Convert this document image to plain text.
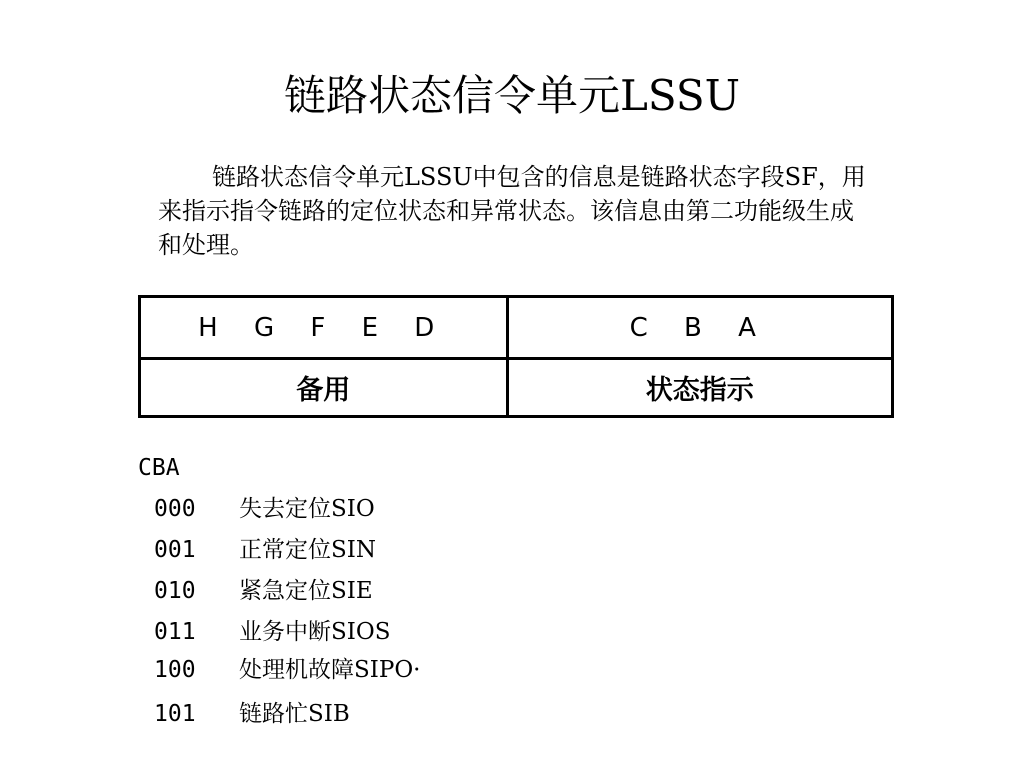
链路状态信令单元LSSU
链路状态信令单元LSSU中包含的信息是链路状态字段SF，用来指示指令链路的定位状态和异常状态。该信息由第二功能级生成和处理。
H G F E D	C B A
备用	状态指示
CBA
000 失去定位SIO
001 正常定位SIN
010 紧急定位SIE
011 业务中断SIOS
100 处理机故障SIPO·
101 链路忙SIB
